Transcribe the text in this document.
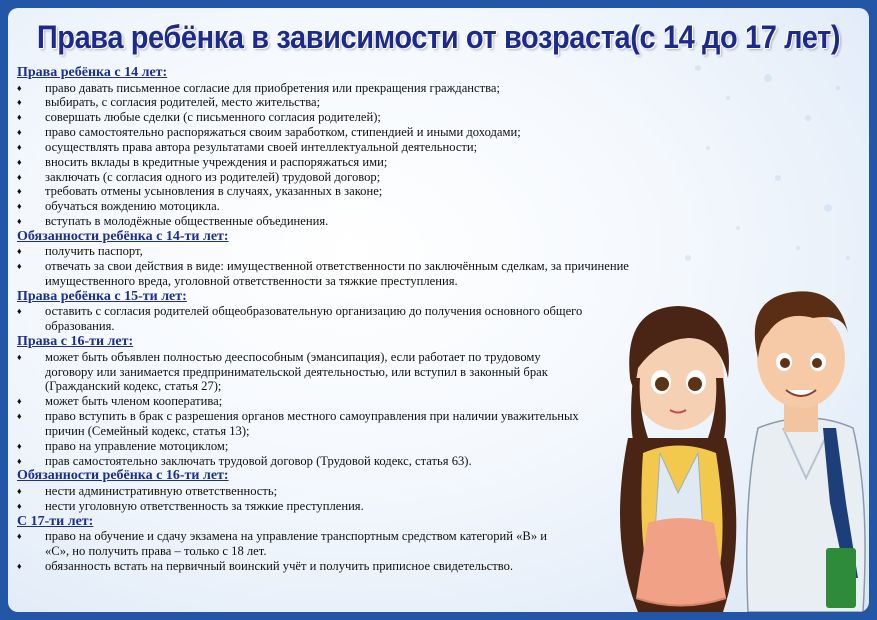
Права ребёнка в зависимости от возраста(с 14 до 17 лет)
Права ребёнка с 14 лет:
♦ право давать письменное согласие для приобретения или прекращения гражданства;
♦ выбирать, с согласия родителей, место жительства;
♦ совершать любые сделки (с письменного согласия родителей);
♦ право самостоятельно распоряжаться своим заработком, стипендией и иными доходами;
♦ осуществлять права автора результатами своей интеллектуальной деятельности;
♦ вносить вклады в кредитные учреждения и распоряжаться ими;
♦ заключать (с согласия одного из родителей) трудовой договор;
♦ требовать отмены усыновления в случаях, указанных в законе;
♦ обучаться вождению мотоцикла.
♦ вступать в молодёжные общественные объединения.
Обязанности ребёнка с 14-ти лет:
♦ получить паспорт,
♦ отвечать за свои действия в виде: имущественной ответственности по заключённым сделкам, за причинение имущественного вреда, уголовной ответственности за тяжкие преступления.
Права ребёнка с 15-ти лет:
♦ оставить с согласия родителей общеобразовательную организацию до получения основного общего образования.
Права с 16-ти лет:
♦ может быть объявлен полностью дееспособным (эмансипация), если работает по трудовому договору или занимается предпринимательской деятельностью, или вступил в законный брак (Гражданский кодекс, статья 27);
♦ может быть членом кооператива;
♦ право вступить в брак с разрешения органов местного самоуправления при наличии уважительных причин (Семейный кодекс, статья 13);
♦ право на управление мотоциклом;
♦ прав самостоятельно заключать трудовой договор (Трудовой кодекс, статья 63).
Обязанности ребёнка с 16-ти лет:
♦ нести административную ответственность;
♦ нести уголовную ответственность за тяжкие преступления.
С 17-ти лет:
♦ право на обучение и сдачу экзамена на управление транспортным средством категорий «B» и «C», но получить права – только с 18 лет.
♦ обязанность встать на первичный воинский учёт и получить приписное свидетельство.
